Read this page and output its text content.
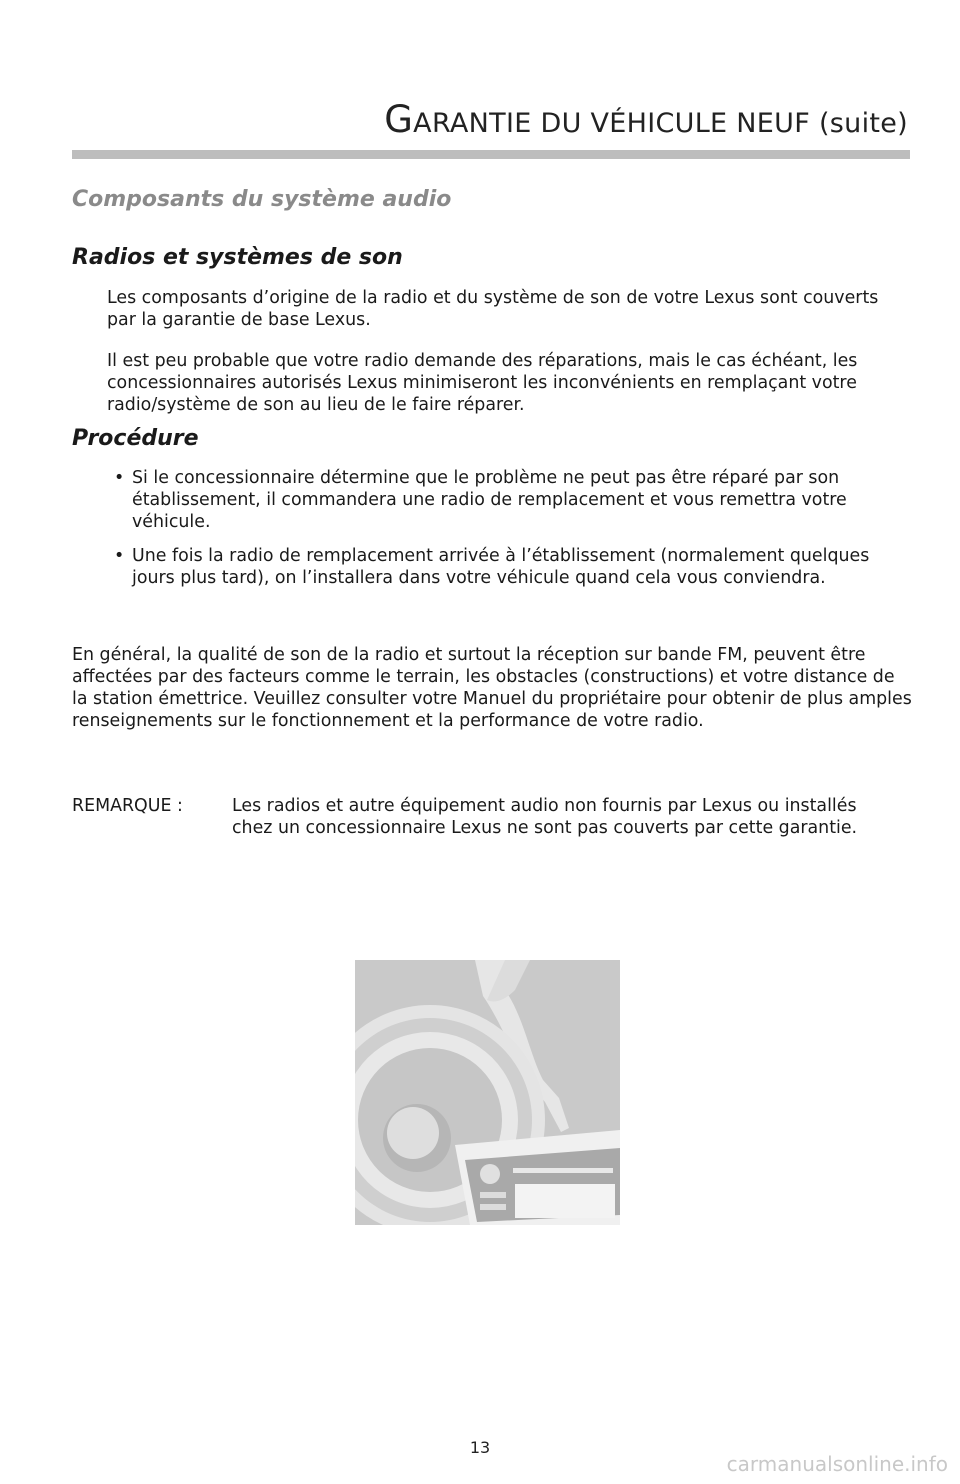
GARANTIE DU VÉHICULE NEUF (suite)
Composants du système audio
Radios et systèmes de son

Les composants d’origine de la radio et du système de son de votre Lexus sont couverts par la garantie de base Lexus.

Il est peu probable que votre radio demande des réparations, mais le cas échéant, les concessionnaires autorisés Lexus minimiseront les inconvénients en remplaçant votre radio/système de son au lieu de le faire réparer.

Procédure
• Si le concessionnaire détermine que le problème ne peut pas être réparé par son établissement, il commandera une radio de remplacement et vous remettra votre véhicule.
• Une fois la radio de remplacement arrivée à l’établissement (normalement quelques jours plus tard), on l’installera dans votre véhicule quand cela vous conviendra.

En général, la qualité de son de la radio et surtout la réception sur bande FM, peuvent être affectées par des facteurs comme le terrain, les obstacles (constructions) et votre distance de la station émettrice. Veuillez consulter votre Manuel du propriétaire pour obtenir de plus amples renseignements sur le fonctionnement et la performance de votre radio.

REMARQUE :	Les radios et autre équipement audio non fournis par Lexus ou installés chez un concessionnaire Lexus ne sont pas couverts par cette garantie.
13
carmanualsonline.info
